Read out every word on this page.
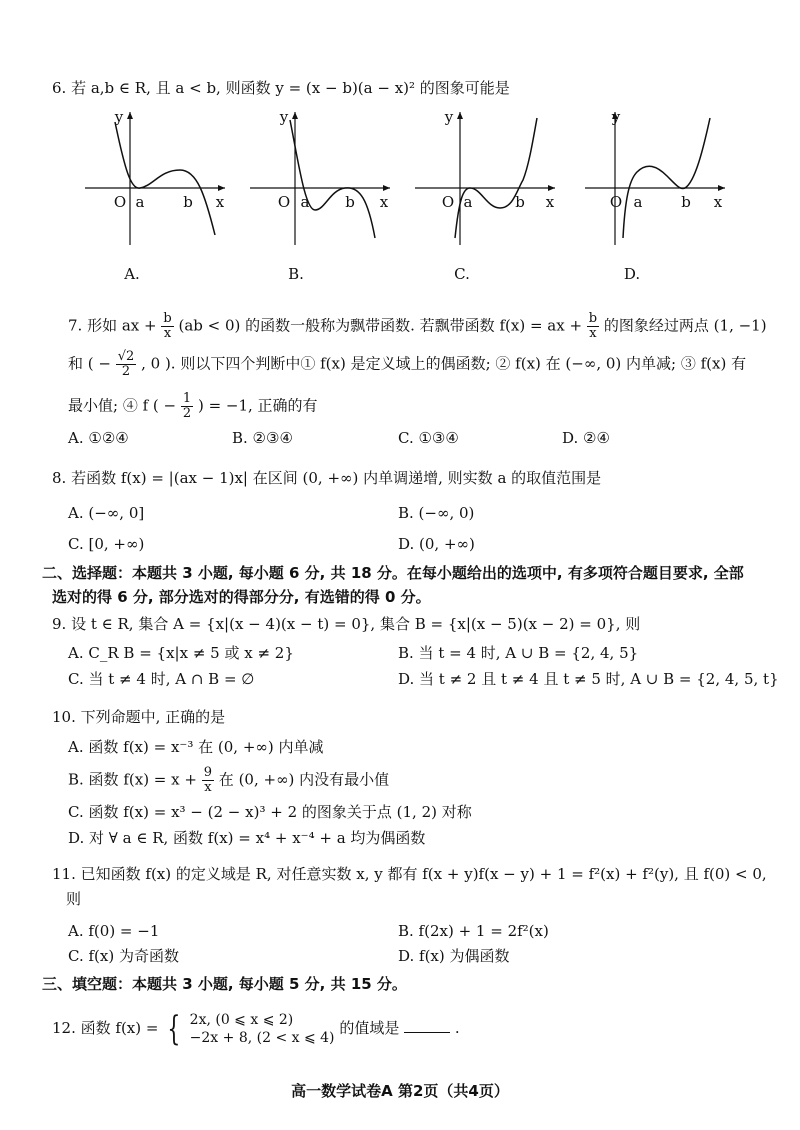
6. 若 a,b ∈ R, 且 a < b, 则函数 y = (x − b)(a − x)² 的图象可能是
y
O a	b	x
A.
y
O a	b	x
B.
y
O a	b	x
C.
y
O a	b	x
D.
7. 形如 ax + $\frac{b}{x} (ab < 0)$ 的函数一般称为飘带函数. 若飘带函数 f(x) = ax + $\frac{b}{x}$ 的图象经过两点 (1, −1)
和 ( − $\frac{√2}{2}$ , 0 ). 则以下四个判断中① f(x) 是定义域上的偶函数; ② f(x) 在 (−∞, 0) 内单减; ③ f(x) 有
最小值; ④ f ( − $\frac{1}{2}$ ) = −1, 正确的有
A. ①②④	B. ②③④	C. ①③④	D. ②④
8. 若函数 f(x) = |(ax − 1)x| 在区间 (0, +∞) 内单调递增, 则实数 a 的取值范围是
A. (−∞, 0]	B. (−∞, 0)
C. [0, +∞)	D. (0, +∞)
二、选择题：本题共 3 小题, 每小题 6 分, 共 18 分。在每小题给出的选项中, 有多项符合题目要求, 全部
选对的得 6 分, 部分选对的得部分分, 有选错的得 0 分。
9. 设 t ∈ R, 集合 A = {x|(x − 4)(x − t) = 0}, 集合 B = {x|(x − 5)(x − 2) = 0}, 则
A. C_R B = {x|x ≠ 5 或 x ≠ 2}	B. 当 t = 4 时, A ∪ B = {2, 4, 5}
C. 当 t ≠ 4 时, A ∩ B = ∅	D. 当 t ≠ 2 且 t ≠ 4 且 t ≠ 5 时, A ∪ B = {2, 4, 5, t}
10. 下列命题中, 正确的是
A. 函数 f(x) = x⁻³ 在 (0, +∞) 内单减
B. 函数 $f(x) = x + \frac{9}{x}$ 在 (0, +∞) 内没有最小值
C. 函数 f(x) = x³ − (2 − x)³ + 2 的图象关于点 (1, 2) 对称
D. 对 ∀ a ∈ R, 函数 f(x) = x⁴ + x⁻⁴ + a 均为偶函数
11. 已知函数 f(x) 的定义域是 R, 对任意实数 x, y 都有 f(x + y)f(x − y) + 1 = f²(x) + f²(y), 且 f(0) < 0,
则
A. f(0) = −1	B. f(2x) + 1 = 2f²(x)
C. f(x) 为奇函数	D. f(x) 为偶函数
三、填空题：本题共 3 小题, 每小题 5 分, 共 15 分。
12. 函数 f(x) = { 2x, (0 ⩽ x ⩽ 2)
−2x + 8, (2 < x ⩽ 4)
的值域是	.
高一数学试卷A 第2页（共4页）
